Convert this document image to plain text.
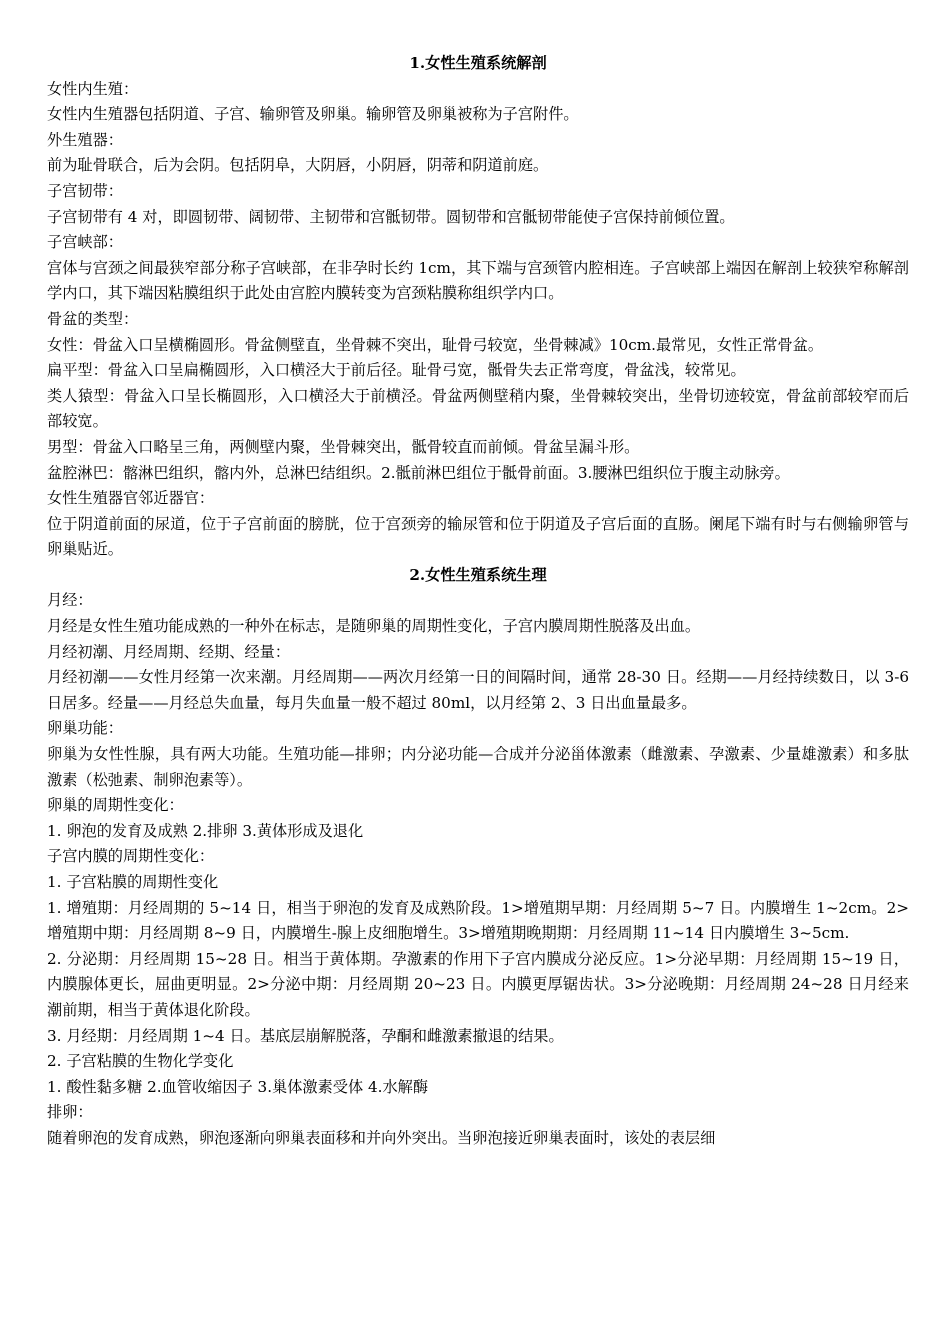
1.女性生殖系统解剖

女性内生殖：

女性内生殖器包括阴道、子宫、输卵管及卵巢。输卵管及卵巢被称为子宫附件。

外生殖器：

前为耻骨联合，后为会阴。包括阴阜，大阴唇，小阴唇，阴蒂和阴道前庭。

子宫韧带：

子宫韧带有 4 对，即圆韧带、阔韧带、主韧带和宫骶韧带。圆韧带和宫骶韧带能使子宫保持前倾位置。

子宫峡部：

宫体与宫颈之间最狭窄部分称子宫峡部，在非孕时长约 1cm，其下端与宫颈管内腔相连。子宫峡部上端因在解剖上较狭窄称解剖学内口，其下端因粘膜组织于此处由宫腔内膜转变为宫颈粘膜称组织学内口。

骨盆的类型：

女性：骨盆入口呈横椭圆形。骨盆侧壁直，坐骨棘不突出，耻骨弓较宽，坐骨棘减》10cm.最常见，女性正常骨盆。

扁平型：骨盆入口呈扁椭圆形，入口横泾大于前后径。耻骨弓宽，骶骨失去正常弯度，骨盆浅，较常见。

类人猿型：骨盆入口呈长椭圆形，入口横泾大于前横泾。骨盆两侧壁稍内聚，坐骨棘较突出，坐骨切迹较宽，骨盆前部较窄而后部较宽。

男型：骨盆入口略呈三角，两侧壁内聚，坐骨棘突出，骶骨较直而前倾。骨盆呈漏斗形。

盆腔淋巴：髂淋巴组织，髂内外，总淋巴结组织。2.骶前淋巴组位于骶骨前面。3.腰淋巴组织位于腹主动脉旁。

女性生殖器官邻近器官：

位于阴道前面的尿道，位于子宫前面的膀胱，位于宫颈旁的输尿管和位于阴道及子宫后面的直肠。阑尾下端有时与右侧输卵管与卵巢贴近。

2.女性生殖系统生理

月经：

月经是女性生殖功能成熟的一种外在标志，是随卵巢的周期性变化，子宫内膜周期性脱落及出血。

月经初潮、月经周期、经期、经量：

月经初潮——女性月经第一次来潮。月经周期——两次月经第一日的间隔时间，通常 28-30 日。经期——月经持续数日，以 3-6 日居多。经量——月经总失血量，每月失血量一般不超过 80ml，以月经第 2、3 日出血量最多。

卵巢功能：

卵巢为女性性腺，具有两大功能。生殖功能—排卵；内分泌功能—合成并分泌甾体激素（雌激素、孕激素、少量雄激素）和多肽激素（松弛素、制卵泡素等）。

卵巢的周期性变化：

1. 卵泡的发育及成熟 2.排卵 3.黄体形成及退化

子宫内膜的周期性变化：

1. 子宫粘膜的周期性变化

1. 增殖期：月经周期的 5~14 日，相当于卵泡的发育及成熟阶段。1>增殖期早期：月经周期 5~7 日。内膜增生 1~2cm。2>增殖期中期：月经周期 8~9 日，内膜增生-腺上皮细胞增生。3>增殖期晚期期：月经周期 11~14 日内膜增生 3~5cm.

2. 分泌期：月经周期 15~28 日。相当于黄体期。孕激素的作用下子宫内膜成分泌反应。1>分泌早期：月经周期 15~19 日，内膜腺体更长，屈曲更明显。2>分泌中期：月经周期 20~23 日。内膜更厚锯齿状。3>分泌晚期：月经周期 24~28 日月经来潮前期，相当于黄体退化阶段。

3. 月经期：月经周期 1~4 日。基底层崩解脱落，孕酮和雌激素撤退的结果。

2. 子宫粘膜的生物化学变化

1. 酸性黏多糖 2.血管收缩因子 3.巢体激素受体 4.水解酶

排卵：

随着卵泡的发育成熟，卵泡逐渐向卵巢表面移和并向外突出。当卵泡接近卵巢表面时，该处的表层细
